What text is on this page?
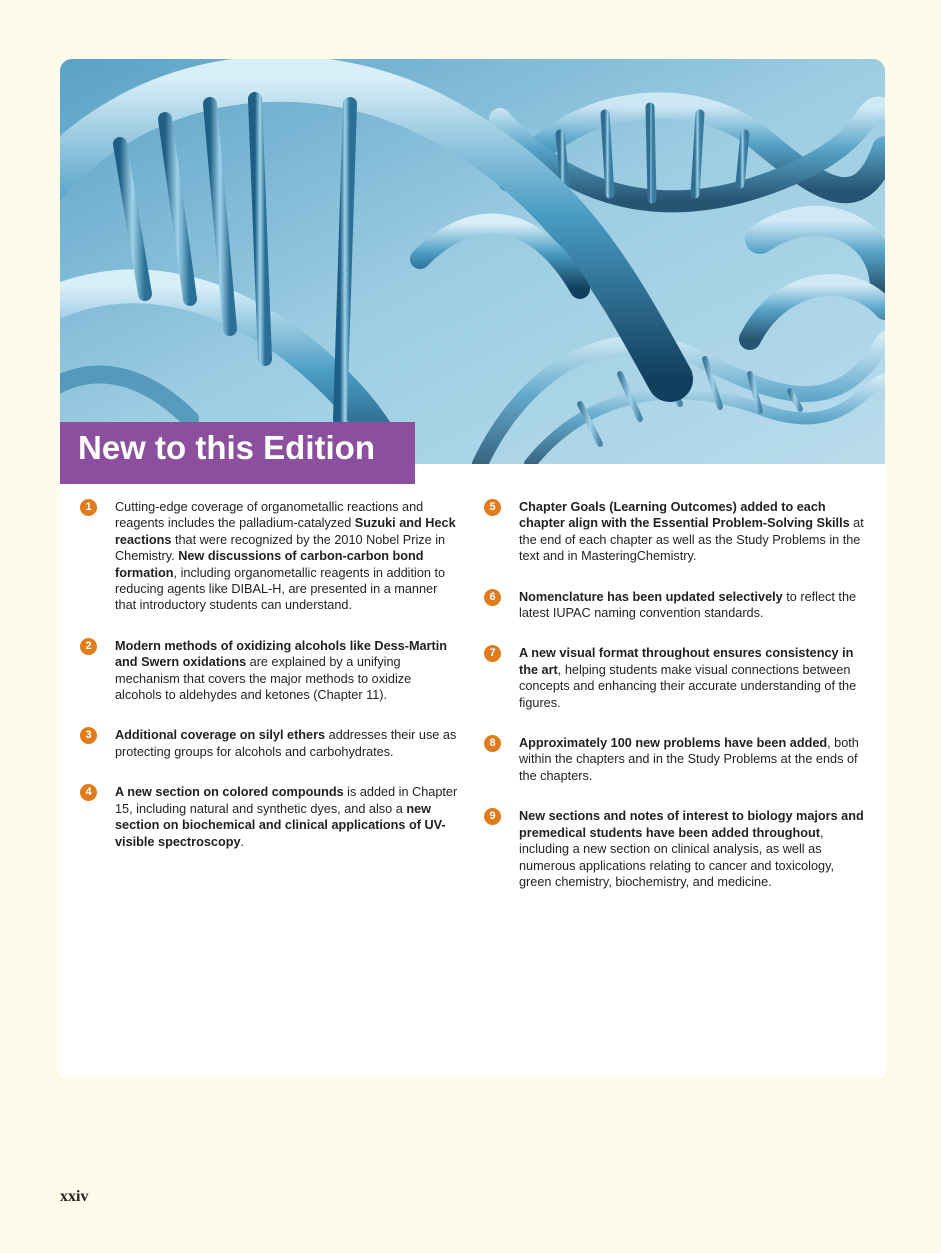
New to this Edition
1	Cutting-edge coverage of organometallic reactions and reagents includes the palladium-catalyzed Suzuki and Heck reactions that were recognized by the 2010 Nobel Prize in Chemistry. New discussions of carbon-carbon bond formation, including organometallic reagents in addition to reducing agents like DIBAL-H, are presented in a manner that introductory students can understand.

2	Modern methods of oxidizing alcohols like Dess-Martin and Swern oxidations are explained by a unifying mechanism that covers the major methods to oxidize alcohols to aldehydes and ketones (Chapter 11).

3	Additional coverage on silyl ethers addresses their use as protecting groups for alcohols and carbohydrates.

4	A new section on colored compounds is added in Chapter 15, including natural and synthetic dyes, and also a new section on biochemical and clinical applications of UV-visible spectroscopy.

5	Chapter Goals (Learning Outcomes) added to each chapter align with the Essential Problem-Solving Skills at the end of each chapter as well as the Study Problems in the text and in MasteringChemistry.

6	Nomenclature has been updated selectively to reflect the latest IUPAC naming convention standards.

7	A new visual format throughout ensures consistency in the art, helping students make visual connections between concepts and enhancing their accurate understanding of the figures.

8	Approximately 100 new problems have been added, both within the chapters and in the Study Problems at the ends of the chapters.

9	New sections and notes of interest to biology majors and premedical students have been added throughout, including a new section on clinical analysis, as well as numerous applications relating to cancer and toxicology, green chemistry, biochemistry, and medicine.

xxiv
